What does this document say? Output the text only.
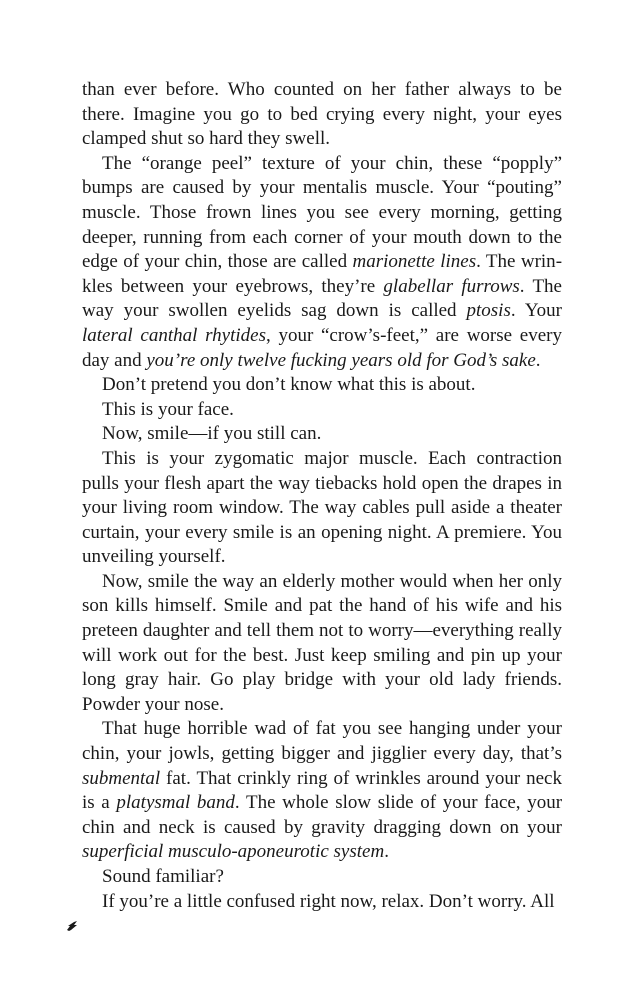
than ever before. Who counted on her father always to be there. Imagine you go to bed crying every night, your eyes clamped shut so hard they swell.

The “orange peel” texture of your chin, these “popply” bumps are caused by your mentalis muscle. Your “pouting” muscle. Those frown lines you see every morning, getting deeper, running from each corner of your mouth down to the edge of your chin, those are called marionette lines. The wrinkles between your eyebrows, they’re glabellar furrows. The way your swollen eyelids sag down is called ptosis. Your lateral canthal rhytides, your “crow’s-feet,” are worse every day and you’re only twelve fucking years old for God’s sake.

Don’t pretend you don’t know what this is about.

This is your face.

Now, smile—if you still can.

This is your zygomatic major muscle. Each contraction pulls your flesh apart the way tiebacks hold open the drapes in your living room window. The way cables pull aside a theater curtain, your every smile is an opening night. A premiere. You unveiling yourself.

Now, smile the way an elderly mother would when her only son kills himself. Smile and pat the hand of his wife and his preteen daughter and tell them not to worry—everything really will work out for the best. Just keep smiling and pin up your long gray hair. Go play bridge with your old lady friends. Powder your nose.

That huge horrible wad of fat you see hanging under your chin, your jowls, getting bigger and jigglier every day, that’s submental fat. That crinkly ring of wrinkles around your neck is a platysmal band. The whole slow slide of your face, your chin and neck is caused by gravity dragging down on your superficial musculo-aponeurotic system.

Sound familiar?

If you’re a little confused right now, relax. Don’t worry. All
